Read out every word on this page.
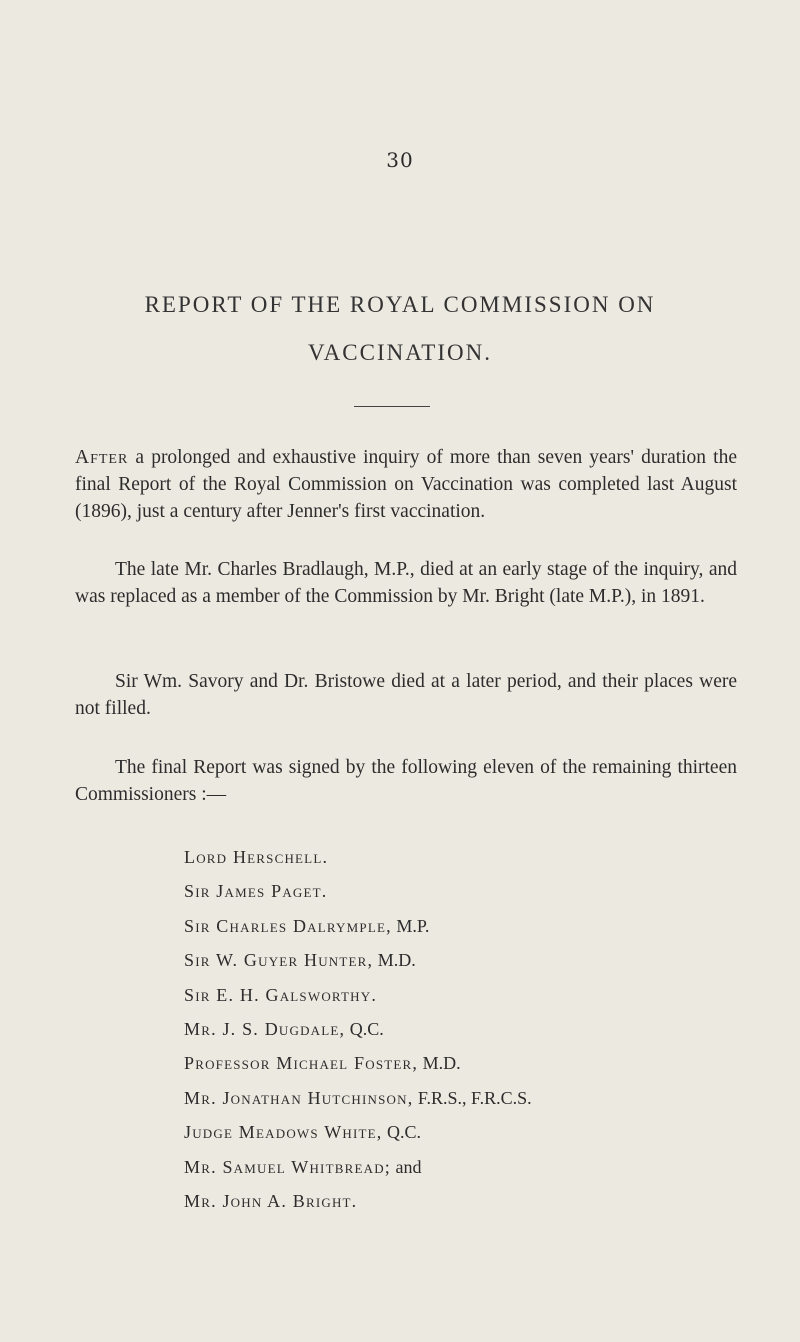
30
REPORT OF THE ROYAL COMMISSION ON
VACCINATION.

After a prolonged and exhaustive inquiry of more than seven years' duration the final Report of the Royal Commission on Vaccination was completed last August (1896), just a century after Jenner's first vaccination.

The late Mr. Charles Bradlaugh, M.P., died at an early stage of the inquiry, and was replaced as a member of the Commission by Mr. Bright (late M.P.), in 1891.

Sir Wm. Savory and Dr. Bristowe died at a later period, and their places were not filled.

The final Report was signed by the following eleven of the remaining thirteen Commissioners :—

Lord Herschell.
Sir James Paget.
Sir Charles Dalrymple, M.P.
Sir W. Guyer Hunter, M.D.
Sir E. H. Galsworthy.
Mr. J. S. Dugdale, Q.C.
Professor Michael Foster, M.D.
Mr. Jonathan Hutchinson, F.R.S., F.R.C.S.
Judge Meadows White, Q.C.
Mr. Samuel Whitbread; and
Mr. John A. Bright.
